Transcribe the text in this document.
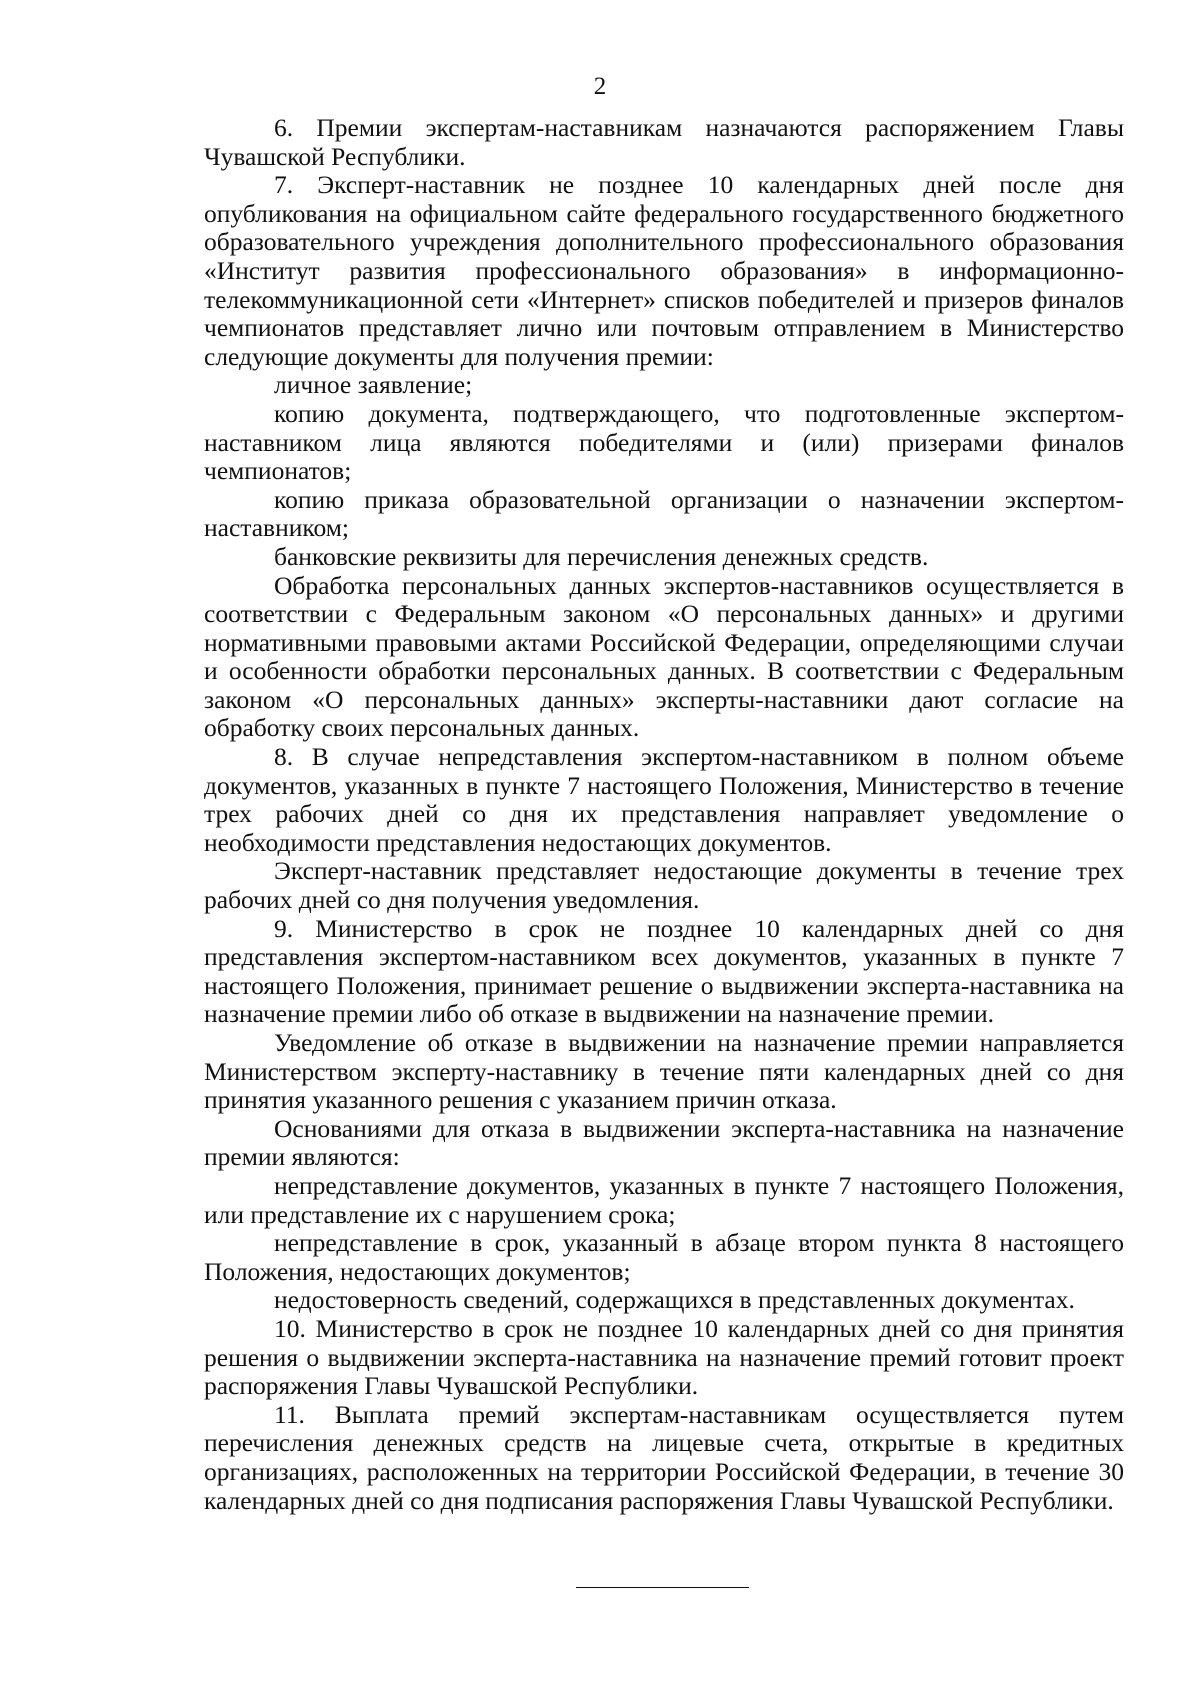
2

6. Премии экспертам-наставникам назначаются распоряжением Главы Чувашской Республики.

7. Эксперт-наставник не позднее 10 календарных дней после дня опубликования на официальном сайте федерального государственного бюджетного образовательного учреждения дополнительного профессионального образования «Институт развития профессионального образования» в информационно-телекоммуникационной сети «Интернет» списков победителей и призеров финалов чемпионатов представляет лично или почтовым отправлением в Министерство следующие документы для получения премии:

личное заявление;

копию документа, подтверждающего, что подготовленные экспертом-наставником лица являются победителями и (или) призерами финалов чемпионатов;

копию приказа образовательной организации о назначении экспертом-наставником;

банковские реквизиты для перечисления денежных средств.

Обработка персональных данных экспертов-наставников осуществляется в соответствии с Федеральным законом «О персональных данных» и другими нормативными правовыми актами Российской Федерации, определяющими случаи и особенности обработки персональных данных. В соответствии с Федеральным законом «О персональных данных» эксперты-наставники дают согласие на обработку своих персональных данных.

8. В случае непредставления экспертом-наставником в полном объеме документов, указанных в пункте 7 настоящего Положения, Министерство в течение трех рабочих дней со дня их представления направляет уведомление о необходимости представления недостающих документов.

Эксперт-наставник представляет недостающие документы в течение трех рабочих дней со дня получения уведомления.

9. Министерство в срок не позднее 10 календарных дней со дня представления экспертом-наставником всех документов, указанных в пункте 7 настоящего Положения, принимает решение о выдвижении эксперта-наставника на назначение премии либо об отказе в выдвижении на назначение премии.

Уведомление об отказе в выдвижении на назначение премии направляется Министерством эксперту-наставнику в течение пяти календарных дней со дня принятия указанного решения с указанием причин отказа.

Основаниями для отказа в выдвижении эксперта-наставника на назначение премии являются:

непредставление документов, указанных в пункте 7 настоящего Положения, или представление их с нарушением срока;

непредставление в срок, указанный в абзаце втором пункта 8 настоящего Положения, недостающих документов;

недостоверность сведений, содержащихся в представленных документах.

10. Министерство в срок не позднее 10 календарных дней со дня принятия решения о выдвижении эксперта-наставника на назначение премий готовит проект распоряжения Главы Чувашской Республики.

11. Выплата премий экспертам-наставникам осуществляется путем перечисления денежных средств на лицевые счета, открытые в кредитных организациях, расположенных на территории Российской Федерации, в течение 30 календарных дней со дня подписания распоряжения Главы Чувашской Республики.
